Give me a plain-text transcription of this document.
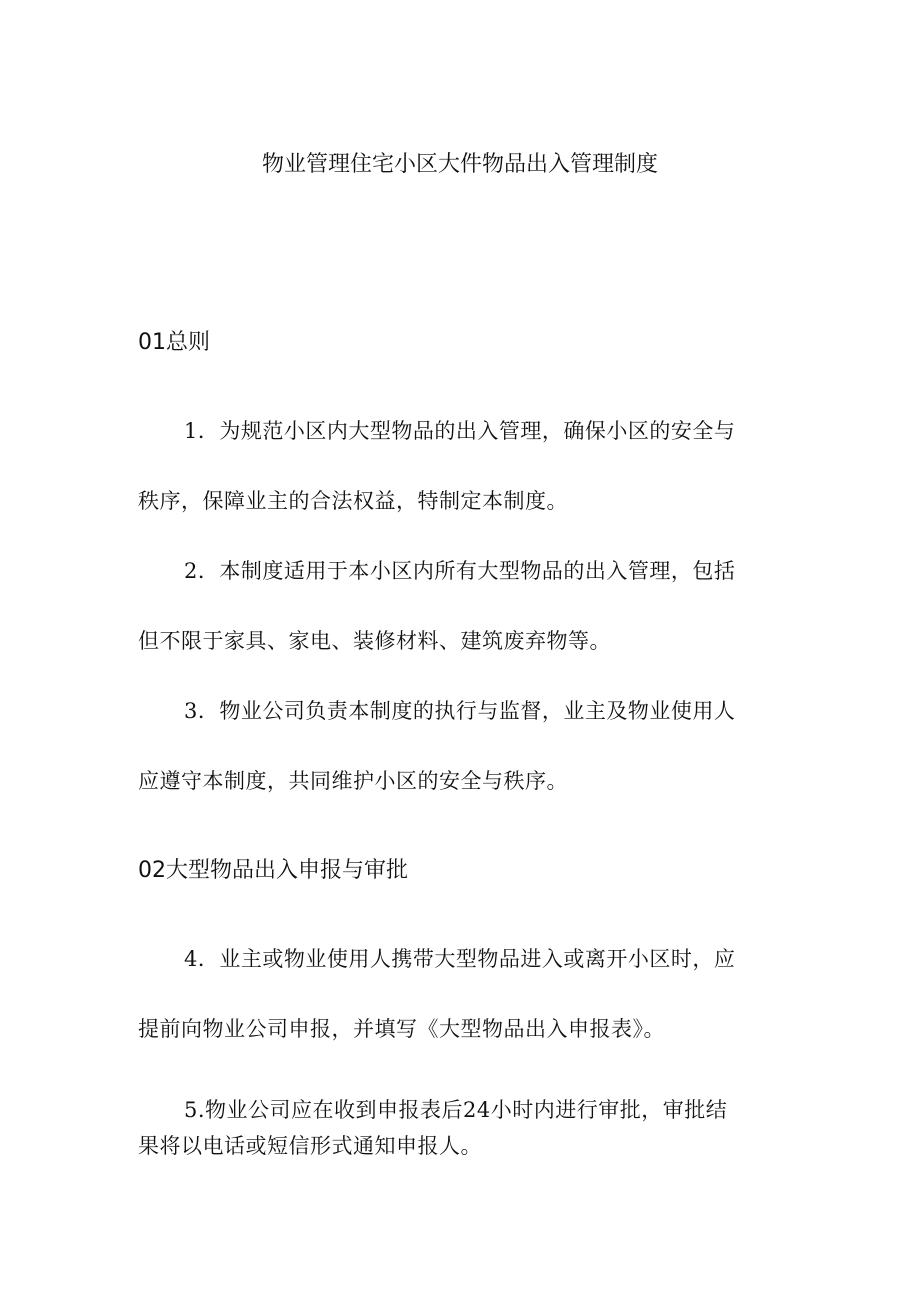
物业管理住宅小区大件物品出入管理制度
01总则
1．为规范小区内大型物品的出入管理，确保小区的安全与
秩序，保障业主的合法权益，特制定本制度。
2．本制度适用于本小区内所有大型物品的出入管理，包括
但不限于家具、家电、装修材料、建筑废弃物等。
3．物业公司负责本制度的执行与监督，业主及物业使用人
应遵守本制度，共同维护小区的安全与秩序。
02大型物品出入申报与审批
4．业主或物业使用人携带大型物品进入或离开小区时，应
提前向物业公司申报，并填写《大型物品出入申报表》。
5.物业公司应在收到申报表后24小时内进行审批，审批结
果将以电话或短信形式通知申报人。
